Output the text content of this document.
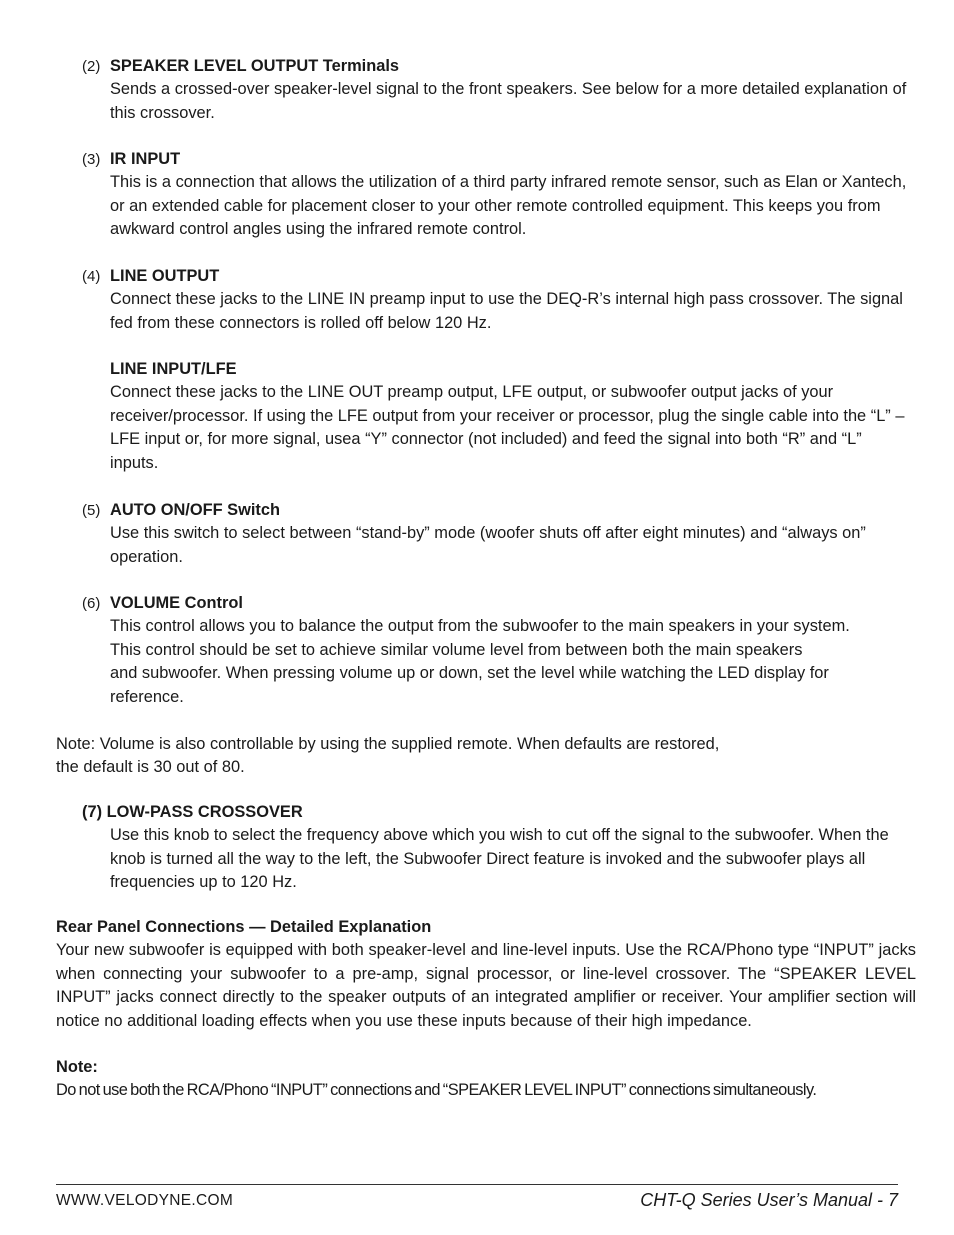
(2) SPEAKER LEVEL OUTPUT Terminals
Sends a crossed-over speaker-level signal to the front speakers. See below for a more detailed explanation of this crossover.
(3) IR INPUT
This is a connection that allows the utilization of a third party infrared remote sensor, such as Elan or Xantech, or an extended cable for placement closer to your other remote controlled equipment. This keeps you from awkward control angles using the infrared remote control.
(4) LINE OUTPUT
Connect these jacks to the LINE IN preamp input to use the DEQ-R’s internal high pass crossover. The signal fed from these connectors is rolled off below 120 Hz.
LINE INPUT/LFE
Connect these jacks to the LINE OUT preamp output, LFE output, or subwoofer output jacks of your receiver/processor. If using the LFE output from your receiver or processor, plug the single cable into the “L” – LFE input or, for more signal, usea “Y” connector (not included) and feed the signal into both “R” and “L” inputs.
(5) AUTO ON/OFF Switch
Use this switch to select between “stand-by” mode (woofer shuts off after eight minutes) and “always on” operation.
(6) VOLUME Control
This control allows you to balance the output from the subwoofer to the main speakers in your system.
This control should be set to achieve similar volume level from between both the main speakers
and subwoofer. When pressing volume up or down, set the level while watching the LED display for
reference.
Note: Volume is also controllable by using the supplied remote. When defaults are restored,
the default is 30 out of 80.
(7) LOW-PASS CROSSOVER
Use this knob to select the frequency above which you wish to cut off the signal to the subwoofer. When the knob is turned all the way to the left, the Subwoofer Direct feature is invoked and the subwoofer plays all frequencies up to 120 Hz.
Rear Panel Connections — Detailed Explanation
Your new subwoofer is equipped with both speaker-level and line-level inputs. Use the RCA/Phono type “INPUT” jacks when connecting your subwoofer to a pre-amp, signal processor, or line-level crossover. The “SPEAKER LEVEL INPUT” jacks connect directly to the speaker outputs of an integrated amplifier or receiver. Your amplifier section will notice no additional loading effects when you use these inputs because of their high impedance.
Note:
Do not use both the RCA/Phono “INPUT” connections and “SPEAKER LEVEL INPUT” connections simultaneously.
WWW.VELODYNE.COM	CHT-Q Series User’s Manual - 7
